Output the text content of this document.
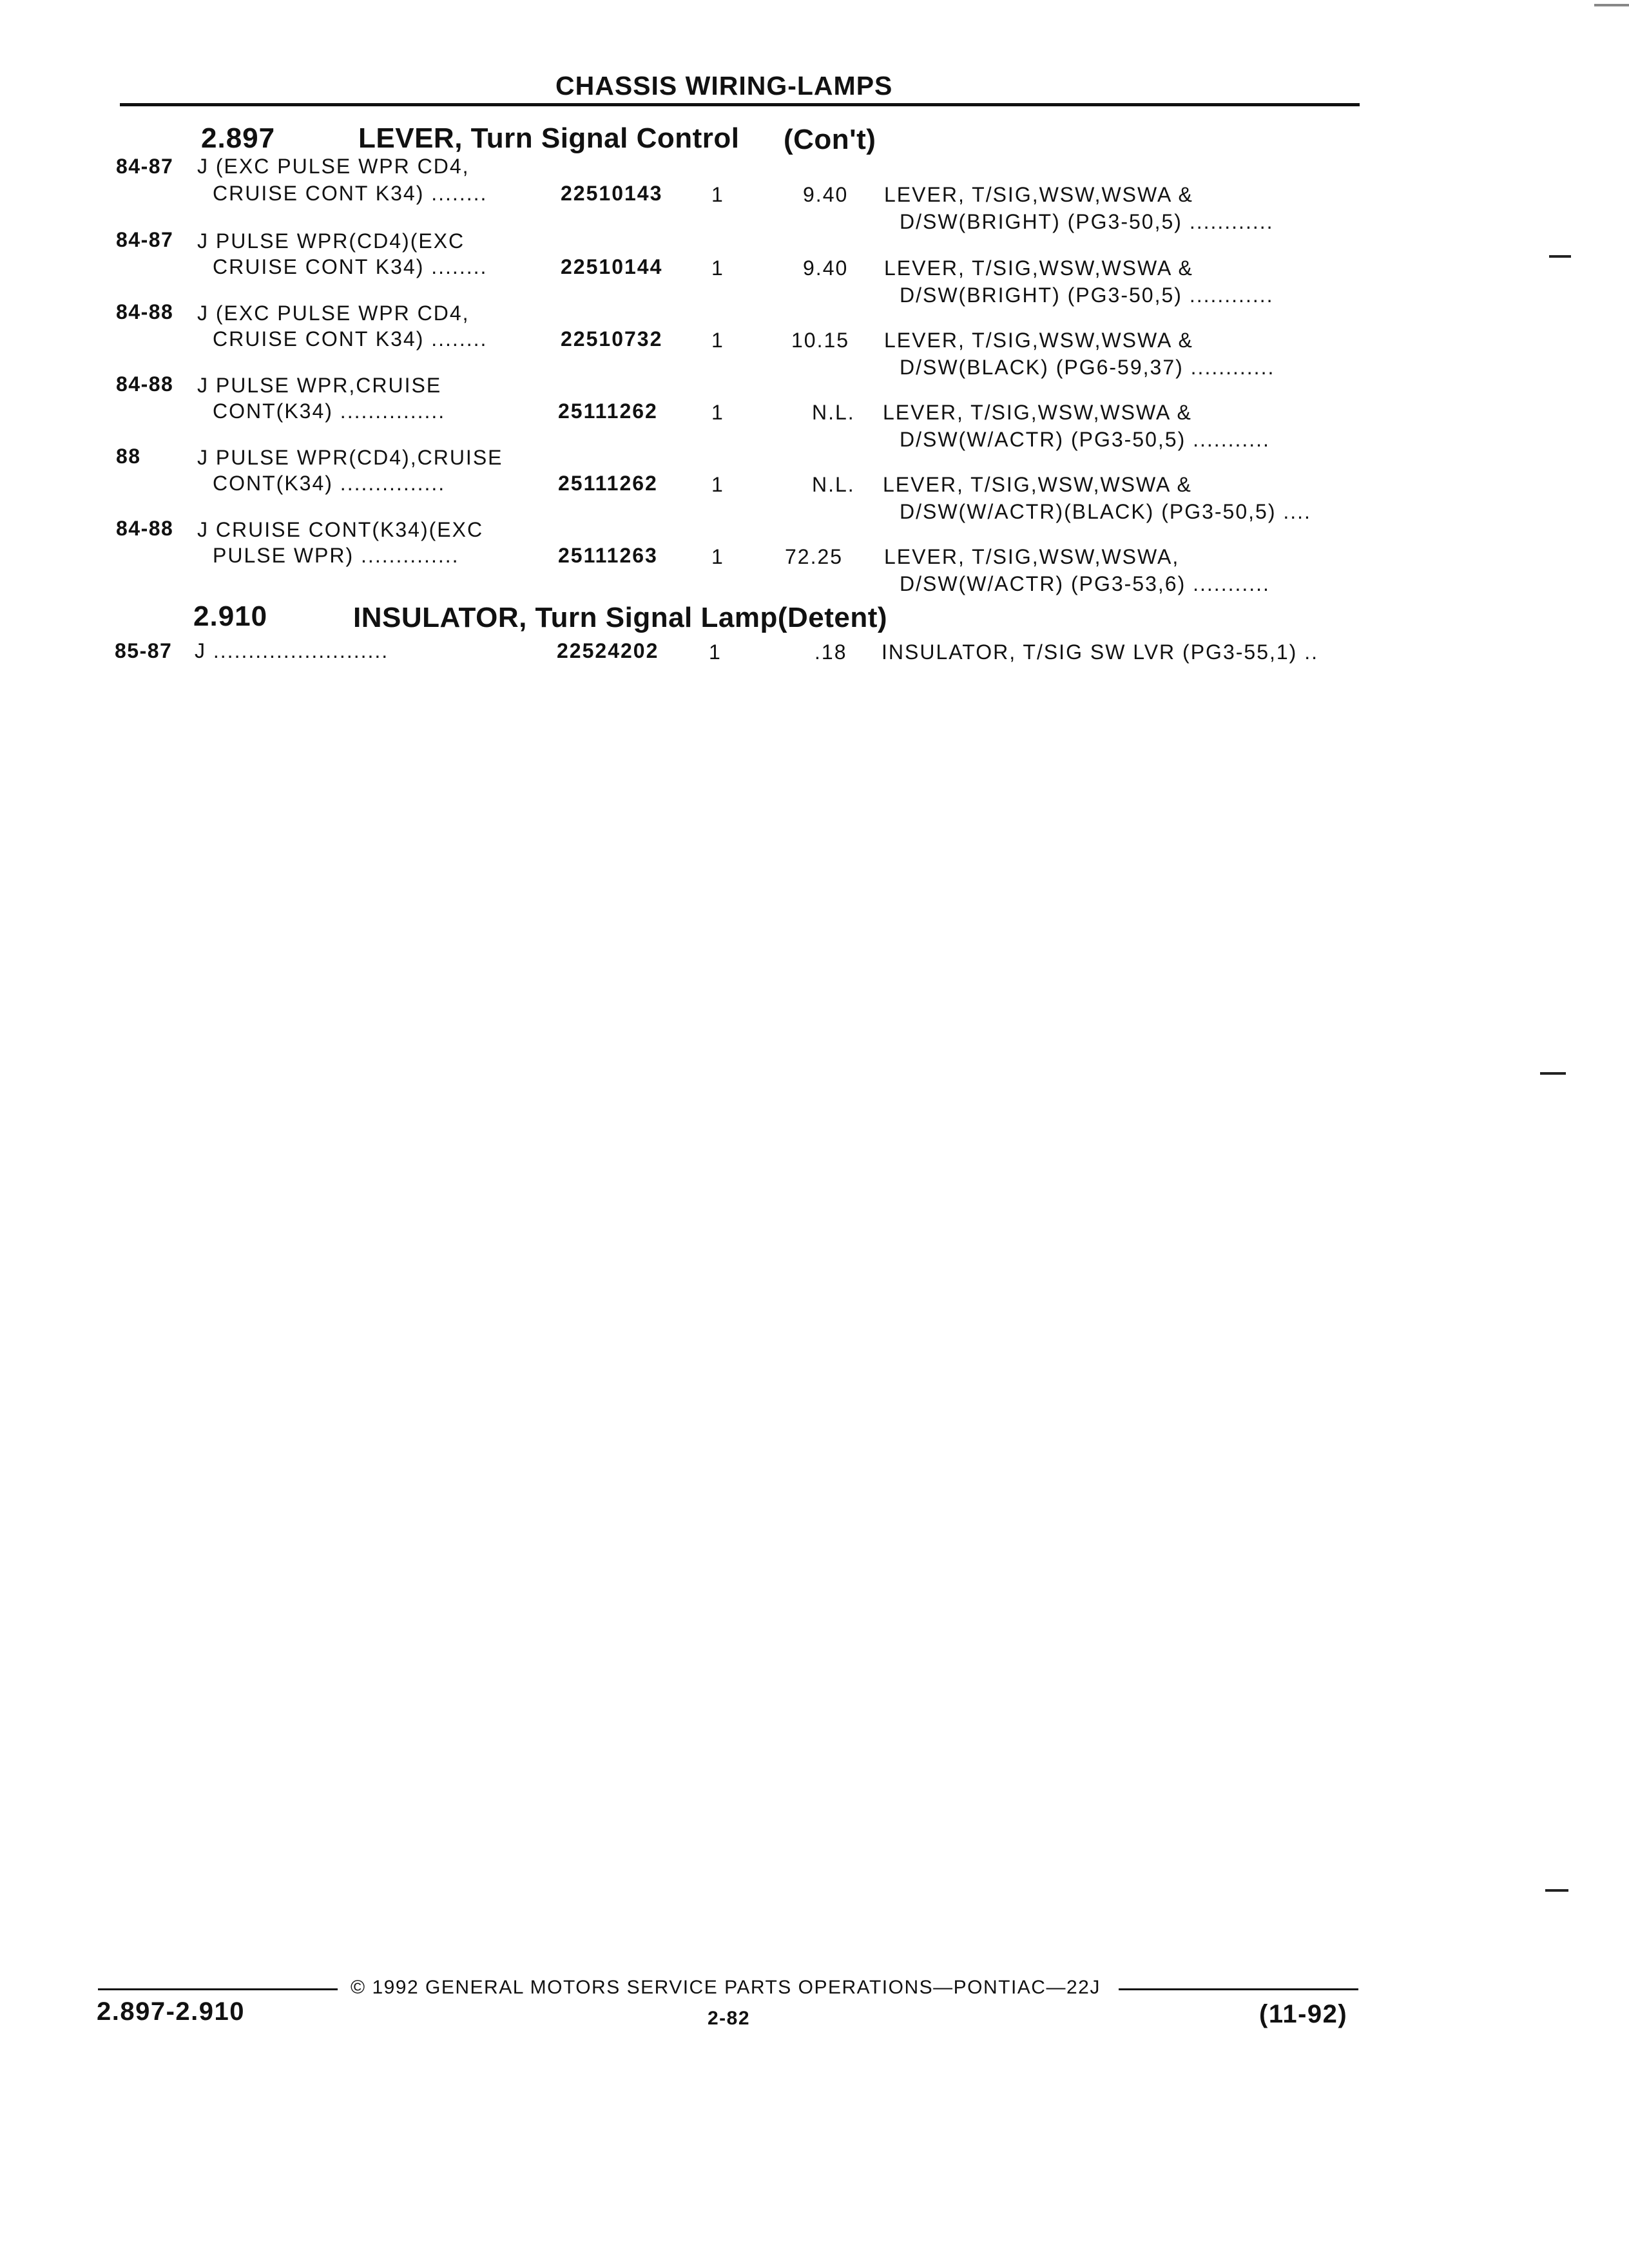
CHASSIS WIRING-LAMPS
2.897	LEVER, Turn Signal Control (Con't)
84-87 J (EXC PULSE WPR CD4,
CRUISE CONT K34) ........	22510143 1	9.40 LEVER, T/SIG,WSW,WSWA &
D/SW(BRIGHT) (PG3-50,5) ............
84-87 J PULSE WPR(CD4)(EXC
CRUISE CONT K34) ........	22510144 1	9.40 LEVER, T/SIG,WSW,WSWA &
D/SW(BRIGHT) (PG3-50,5) ............
84-88 J (EXC PULSE WPR CD4,
CRUISE CONT K34) ........	22510732 1	10.15 LEVER, T/SIG,WSW,WSWA &
D/SW(BLACK) (PG6-59,37) ............
84-88 J PULSE WPR,CRUISE
CONT(K34) ...............	25111262	1	N.L. LEVER, T/SIG,WSW,WSWA &
D/SW(W/ACTR) (PG3-50,5) ...........
88	J PULSE WPR(CD4),CRUISE
CONT(K34) ...............	25111262	1	N.L. LEVER, T/SIG,WSW,WSWA &
D/SW(W/ACTR)(BLACK) (PG3-50,5) ....
84-88 J CRUISE CONT(K34)(EXC
PULSE WPR) ..............	25111263	1	72.25 LEVER, T/SIG,WSW,WSWA,
D/SW(W/ACTR) (PG3-53,6) ...........
2.910	INSULATOR, Turn Signal Lamp(Detent)
85-87 J .........................	22524202 1	.18 INSULATOR, T/SIG SW LVR (PG3-55,1) ..
© 1992 GENERAL MOTORS SERVICE PARTS OPERATIONS—PONTIAC—22J
2.897-2.910	2-82	(11-92)
